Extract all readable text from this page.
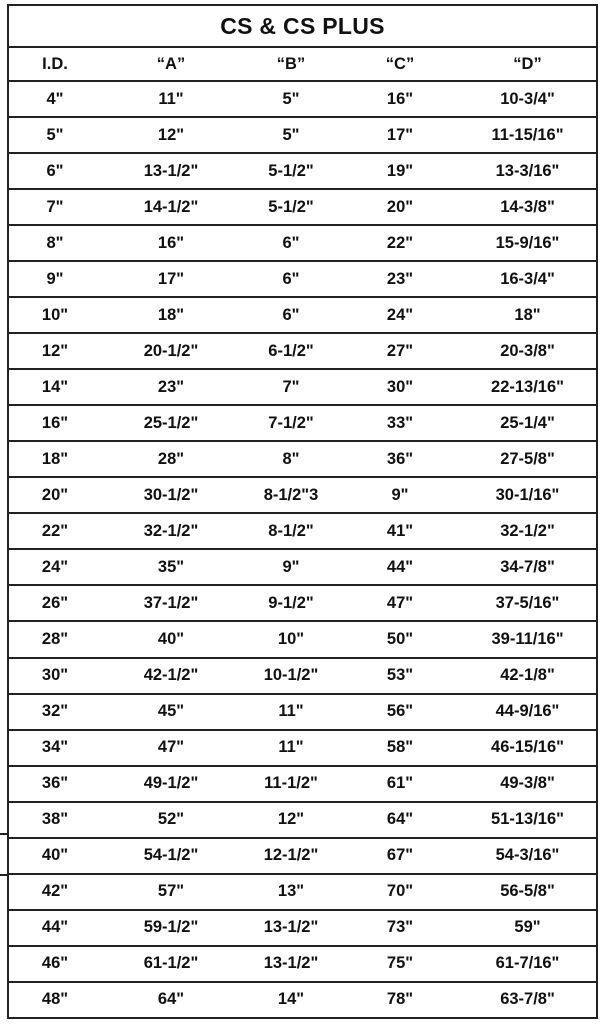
CS & CS PLUS
I.D.	“A”	“B”	“C”	“D”
4"	11"	5"	16"	10-3/4"
5"	12"	5"	17"	11-15/16"
6"	13-1/2"	5-1/2"	19"	13-3/16"
7"	14-1/2"	5-1/2"	20"	14-3/8"
8"	16"	6"	22"	15-9/16"
9"	17"	6"	23"	16-3/4"
10"	18"	6"	24"	18"
12"	20-1/2"	6-1/2"	27"	20-3/8"
14"	23"	7"	30"	22-13/16"
16"	25-1/2"	7-1/2"	33"	25-1/4"
18"	28"	8"	36"	27-5/8"
20"	30-1/2"	8-1/2"3	9"	30-1/16"
22"	32-1/2"	8-1/2"	41"	32-1/2"
24"	35"	9"	44"	34-7/8"
26"	37-1/2"	9-1/2"	47"	37-5/16"
28"	40"	10"	50"	39-11/16"
30"	42-1/2"	10-1/2"	53"	42-1/8"
32"	45"	11"	56"	44-9/16"
34"	47"	11"	58"	46-15/16"
36"	49-1/2"	11-1/2"	61"	49-3/8"
38"	52"	12"	64"	51-13/16"
40"	54-1/2"	12-1/2"	67"	54-3/16"
42"	57"	13"	70"	56-5/8"
44"	59-1/2"	13-1/2"	73"	59"
46"	61-1/2"	13-1/2"	75"	61-7/16"
48"	64"	14"	78"	63-7/8"
